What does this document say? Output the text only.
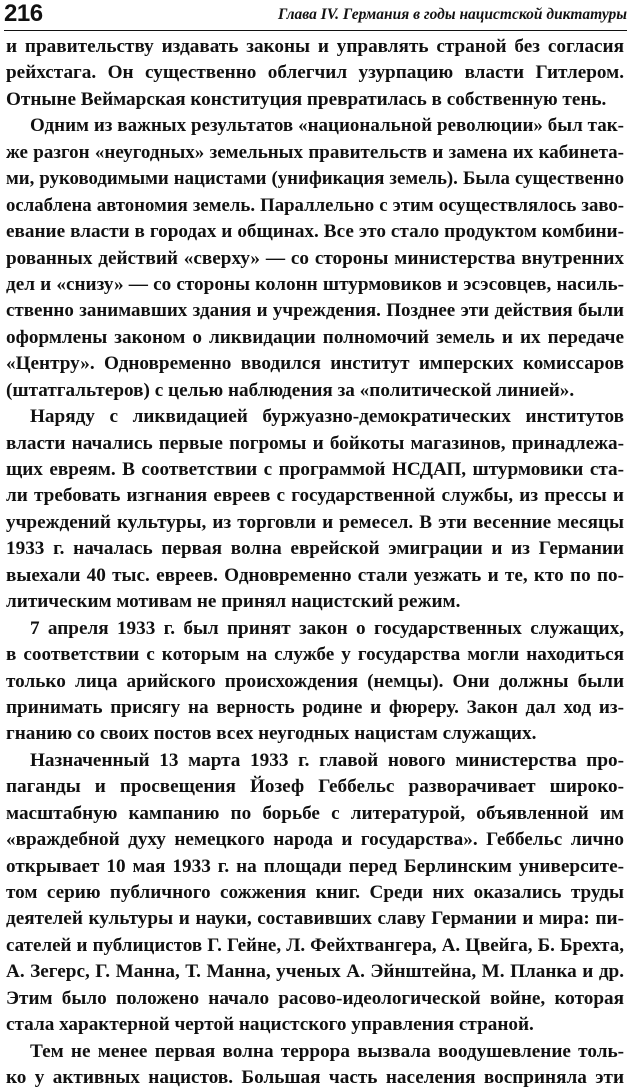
216	Глава IV. Германия в годы нацистской диктатуры
и правительству издавать законы и управлять страной без согласия
рейхстага. Он существенно облегчил узурпацию власти Гитлером.
Отныне Веймарская конституция превратилась в собственную тень.
Одним из важных результатов «национальной революции» был так-
же разгон «неугодных» земельных правительств и замена их кабинета-
ми, руководимыми нацистами (унификация земель). Была существенно
ослаблена автономия земель. Параллельно с этим осуществлялось заво-
евание власти в городах и общинах. Все это стало продуктом комбини-
рованных действий «сверху» — со стороны министерства внутренних
дел и «снизу» — со стороны колонн штурмовиков и эсэсовцев, насиль-
ственно занимавших здания и учреждения. Позднее эти действия были
оформлены законом о ликвидации полномочий земель и их передаче
«Центру». Одновременно вводился институт имперских комиссаров
(штатгальтеров) с целью наблюдения за «политической линией».
Наряду с ликвидацией буржуазно-демократических институтов
власти начались первые погромы и бойкоты магазинов, принадлежа-
щих евреям. В соответствии с программой НСДАП, штурмовики ста-
ли требовать изгнания евреев с государственной службы, из прессы и
учреждений культуры, из торговли и ремесел. В эти весенние месяцы
1933 г. началась первая волна еврейской эмиграции и из Германии
выехали 40 тыс. евреев. Одновременно стали уезжать и те, кто по по-
литическим мотивам не принял нацистский режим.
7 апреля 1933 г. был принят закон о государственных служащих,
в соответствии с которым на службе у государства могли находиться
только лица арийского происхождения (немцы). Они должны были
принимать присягу на верность родине и фюреру. Закон дал ход из-
гнанию со своих постов всех неугодных нацистам служащих.
Назначенный 13 марта 1933 г. главой нового министерства про-
паганды и просвещения Йозеф Геббельс разворачивает широко-
масштабную кампанию по борьбе с литературой, объявленной им
«враждебной духу немецкого народа и государства». Геббельс лично
открывает 10 мая 1933 г. на площади перед Берлинским университе-
том серию публичного сожжения книг. Среди них оказались труды
деятелей культуры и науки, составивших славу Германии и мира: пи-
сателей и публицистов Г. Гейне, Л. Фейхтвангера, А. Цвейга, Б. Брехта,
А. Зегерс, Г. Манна, Т. Манна, ученых А. Эйнштейна, М. Планка и др.
Этим было положено начало расово-идеологической войне, которая
стала характерной чертой нацистского управления страной.
Тем не менее первая волна террора вызвала воодушевление толь-
ко у активных нацистов. Большая часть населения восприняла эти
